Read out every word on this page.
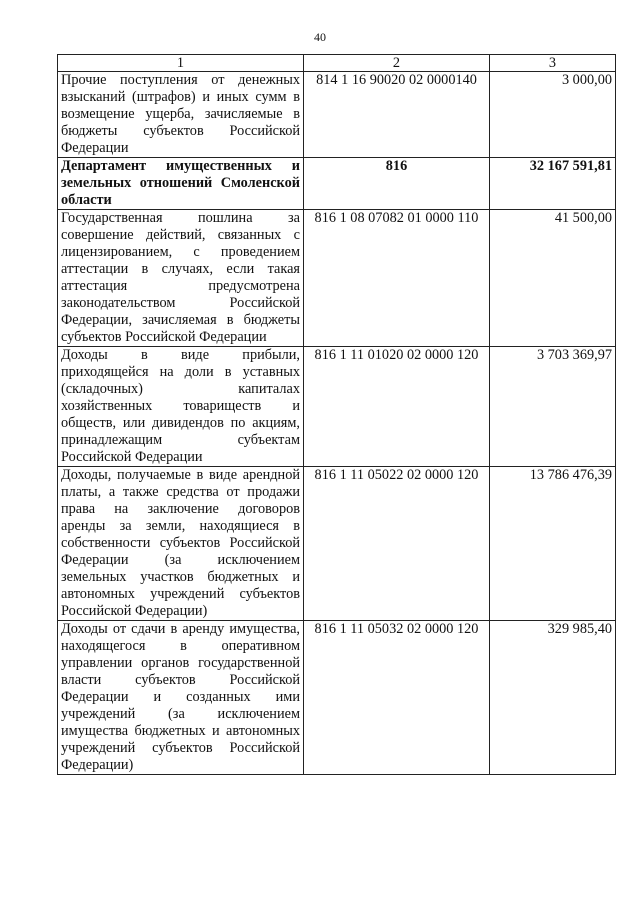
40
1	2	3
Прочие поступления от денежных взысканий (штрафов) и иных сумм в возмещение ущерба, зачисляемые в бюджеты субъектов Российской Федерации	814 1 16 90020 02 0000140	3 000,00
Департамент имущественных и земельных отношений Смоленской области	816	32 167 591,81
Государственная пошлина за совершение действий, связанных с лицензированием, с проведением аттестации в случаях, если такая аттестация предусмотрена законодательством Российской Федерации, зачисляемая в бюджеты субъектов Российской Федерации	816 1 08 07082 01 0000 110	41 500,00
Доходы в виде прибыли, приходящейся на доли в уставных (складочных) капиталах хозяйственных товариществ и обществ, или дивидендов по акциям, принадлежащим субъектам Российской Федерации	816 1 11 01020 02 0000 120	3 703 369,97
Доходы, получаемые в виде арендной платы, а также средства от продажи права на заключение договоров аренды за земли, находящиеся в собственности субъектов Российской Федерации (за исключением земельных участков бюджетных и автономных учреждений субъектов Российской Федерации)	816 1 11 05022 02 0000 120	13 786 476,39
Доходы от сдачи в аренду имущества, находящегося в оперативном управлении органов государственной власти субъектов Российской Федерации и созданных ими учреждений (за исключением имущества бюджетных и автономных учреждений субъектов Российской Федерации)	816 1 11 05032 02 0000 120	329 985,40
